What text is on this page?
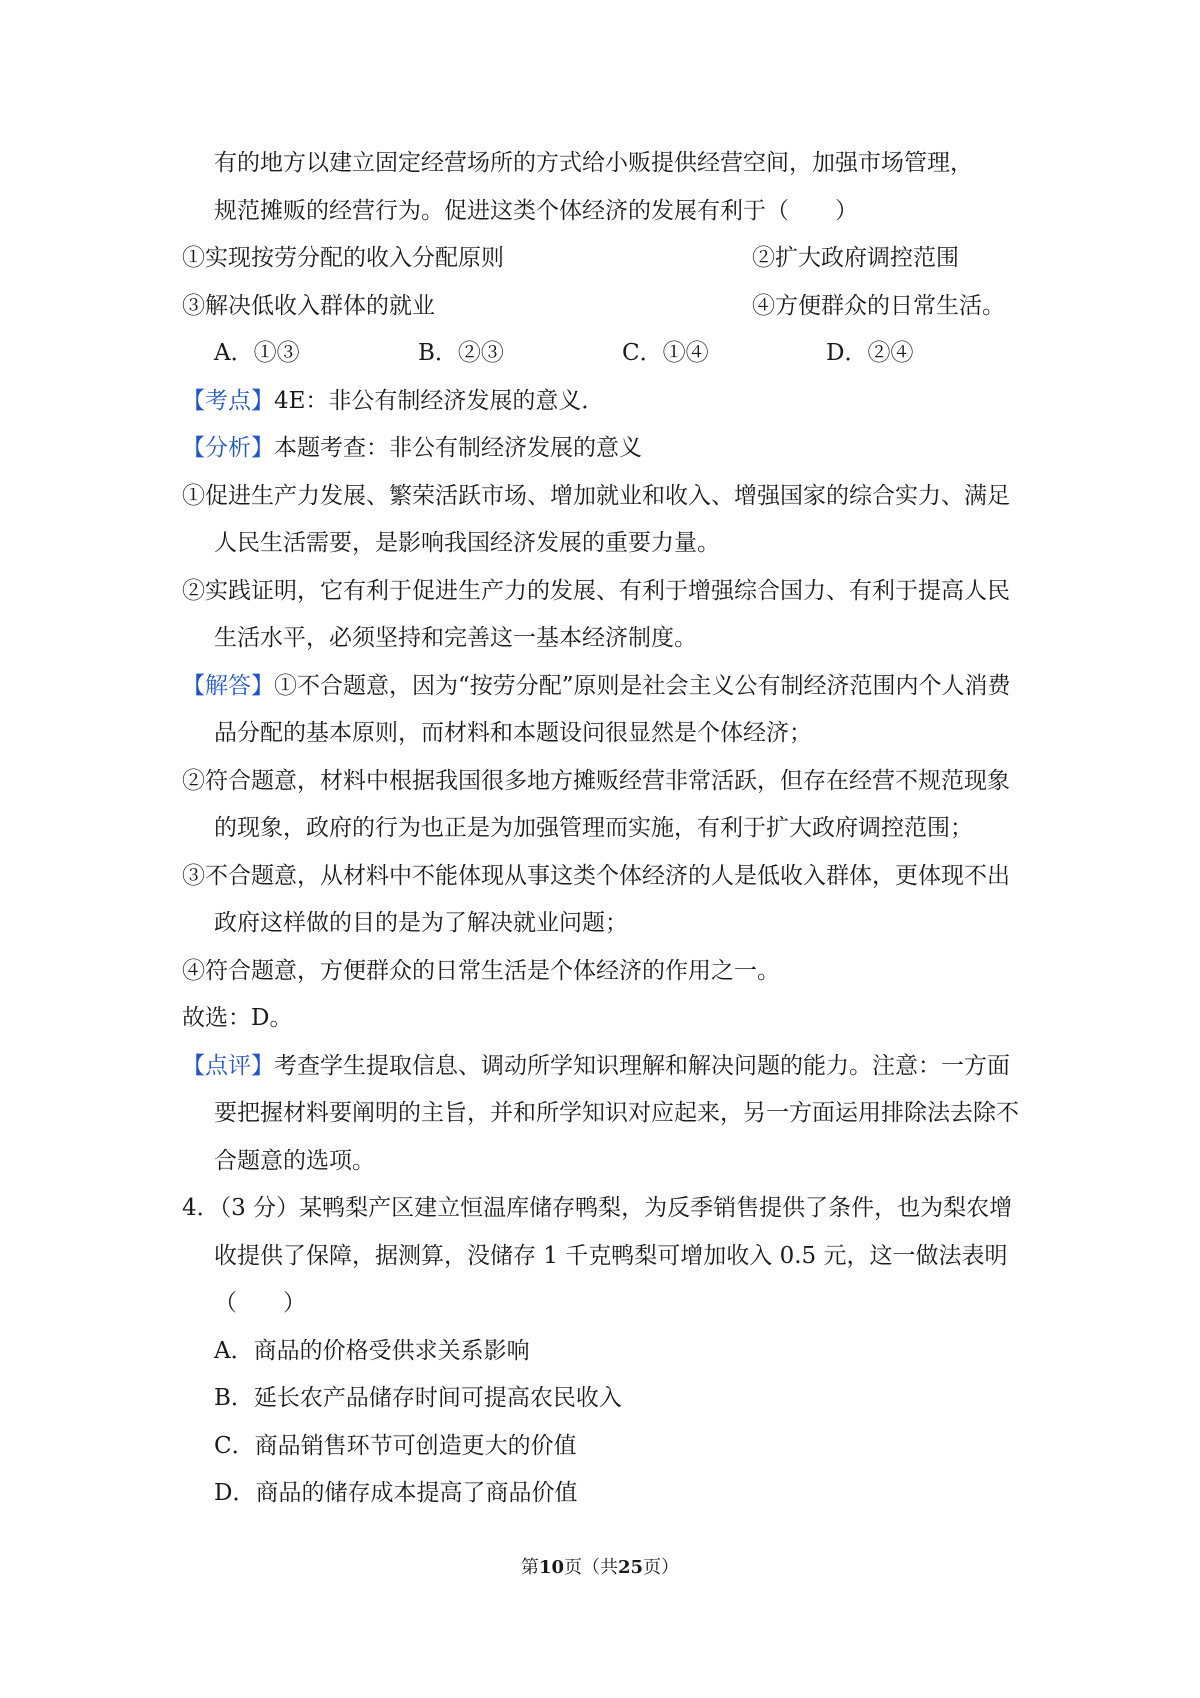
有的地方以建立固定经营场所的方式给小贩提供经营空间，加强市场管理，
规范摊贩的经营行为。促进这类个体经济的发展有利于（　　）
①实现按劳分配的收入分配原则	②扩大政府调控范围
③解决低收入群体的就业	④方便群众的日常生活。
A．①③	B．②③	C．①④	D．②④
【考点】4E：非公有制经济发展的意义．
【分析】本题考查：非公有制经济发展的意义
①促进生产力发展、繁荣活跃市场、增加就业和收入、增强国家的综合实力、满足人民生活需要，是影响我国经济发展的重要力量。
②实践证明，它有利于促进生产力的发展、有利于增强综合国力、有利于提高人民生活水平，必须坚持和完善这一基本经济制度。
【解答】①不合题意，因为“按劳分配”原则是社会主义公有制经济范围内个人消费品分配的基本原则，而材料和本题设问很显然是个体经济；
②符合题意，材料中根据我国很多地方摊贩经营非常活跃，但存在经营不规范现象的现象，政府的行为也正是为加强管理而实施，有利于扩大政府调控范围；
③不合题意，从材料中不能体现从事这类个体经济的人是低收入群体，更体现不出政府这样做的目的是为了解决就业问题；
④符合题意，方便群众的日常生活是个体经济的作用之一。
故选：D。
【点评】考查学生提取信息、调动所学知识理解和解决问题的能力。注意：一方面要把握材料要阐明的主旨，并和所学知识对应起来，另一方面运用排除法去除不合题意的选项。
4．（3 分）某鸭梨产区建立恒温库储存鸭梨，为反季销售提供了条件，也为梨农增收提供了保障，据测算，没储存 1 千克鸭梨可增加收入 0.5 元，这一做法表明（　　）
A．商品的价格受供求关系影响
B．延长农产品储存时间可提高农民收入
C．商品销售环节可创造更大的价值
D．商品的储存成本提高了商品价值
第10页（共25页）
